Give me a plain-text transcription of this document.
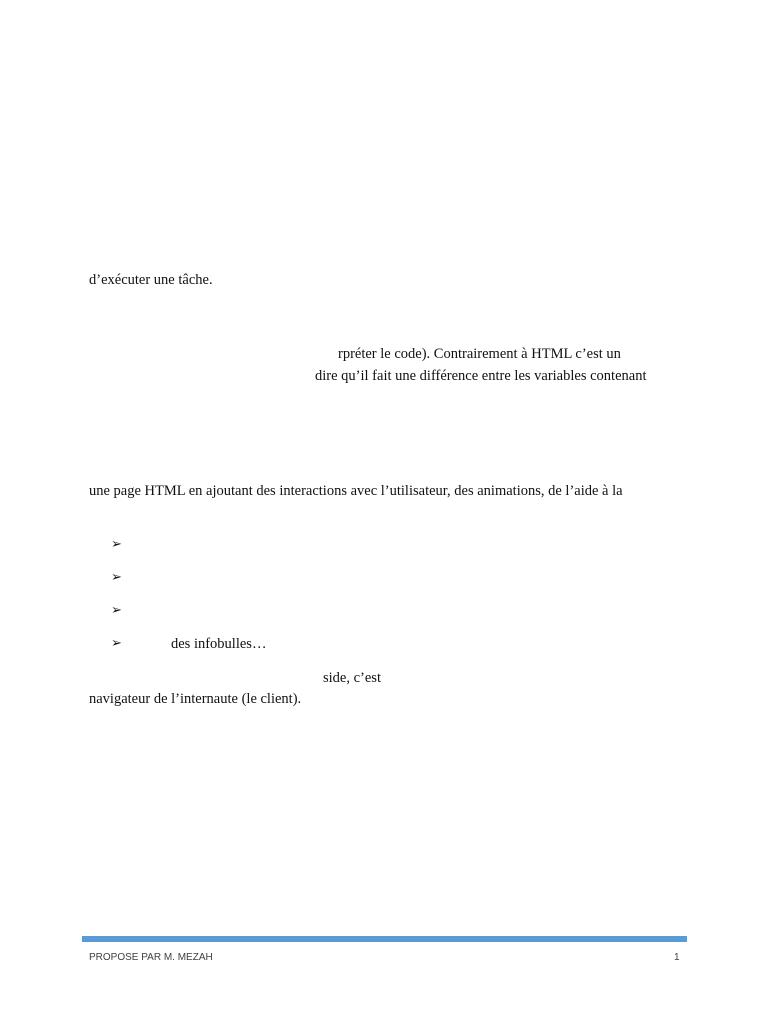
d’exécuter une tâche.
rpréter le code). Contrairement à HTML c’est un
dire qu’il fait une différence entre les variables contenant
une page HTML en ajoutant des interactions avec l’utilisateur, des animations, de l’aide à la
➢
➢
➢
➢	des infobulles…
side, c’est
navigateur de l’internaute (le client).
PROPOSE PAR M. MEZAH	1
